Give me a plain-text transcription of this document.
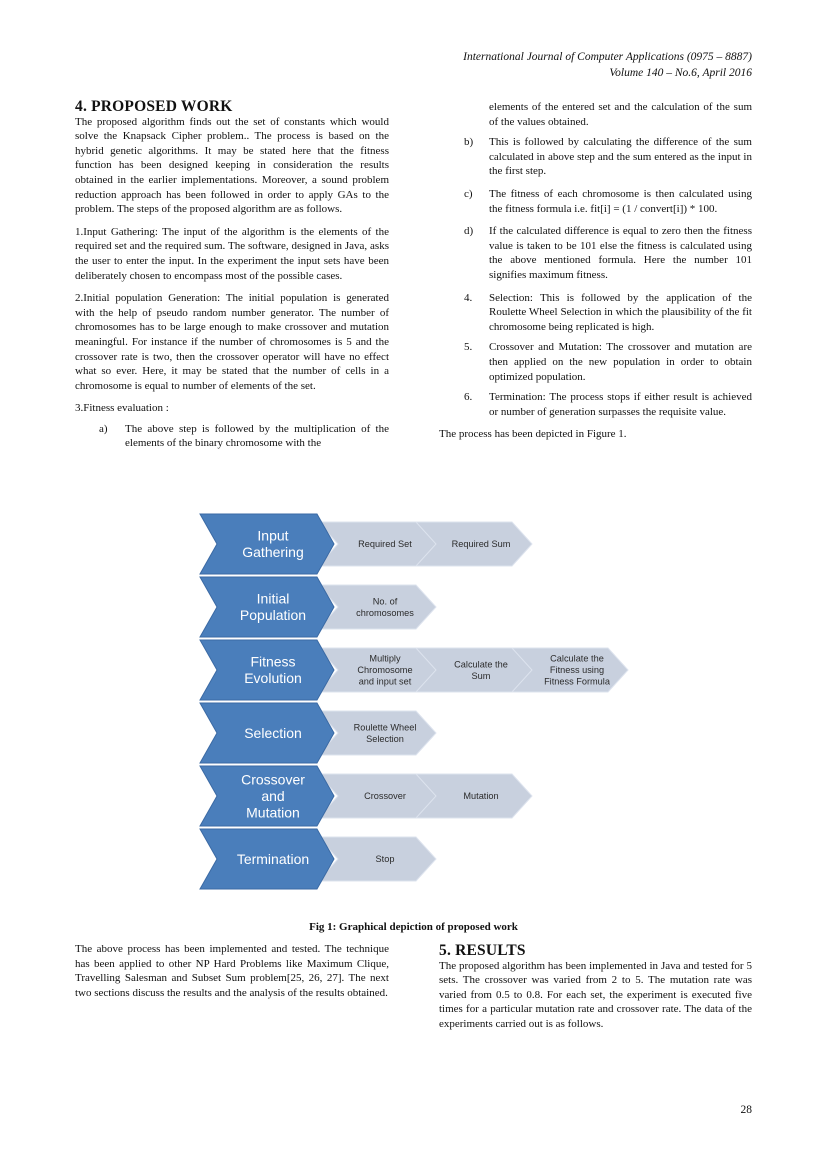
International Journal of Computer Applications (0975 – 8887)
Volume 140 – No.6, April 2016
4. PROPOSED WORK

The proposed algorithm finds out the set of constants which would solve the Knapsack Cipher problem.. The process is based on the hybrid genetic algorithms. It may be stated here that the fitness function has been designed keeping in consideration the results obtained in the earlier implementations. Moreover, a sound problem reduction approach has been followed in order to apply GAs to the problem. The steps of the proposed algorithm are as follows.

1.Input Gathering: The input of the algorithm is the elements of the required set and the required sum. The software, designed in Java, asks the user to enter the input. In the experiment the input sets have been deliberately chosen to encompass most of the possible cases.

2.Initial population Generation: The initial population is generated with the help of pseudo random number generator. The number of chromosomes has to be large enough to make crossover and mutation meaningful. For instance if the number of chromosomes is 5 and the crossover rate is two, then the crossover operator will have no effect what so ever. Here, it may be stated that the number of cells in a chromosome is equal to number of elements of the set.

3.Fitness evaluation :

a)	The above step is followed by the multiplication of the elements of the binary chromosome with the
elements of the entered set and the calculation of the sum of the values obtained.
b)	This is followed by calculating the difference of the sum calculated in above step and the sum entered as the input in the first step.
c)	The fitness of each chromosome is then calculated using the fitness formula i.e. fit[i] = (1 / convert[i]) * 100.
d)	If the calculated difference is equal to zero then the fitness value is taken to be 101 else the fitness is calculated using the above mentioned formula. Here the number 101 signifies maximum fitness.
4.	Selection: This is followed by the application of the Roulette Wheel Selection in which the plausibility of the fit chromosome being replicated is high.
5.	Crossover and Mutation: The crossover and mutation are then applied on the new population in order to obtain optimized population.
6.	Termination: The process stops if either result is achieved or number of generation surpasses the requisite value.

The process has been depicted in Figure 1.

Input Gathering	Required Sum
Required Set
Initial Population
No. of chromosomes
Fitness Evolution
Calculate the Fitness using Fitness Formula
Calculate the Sum
Multiply Chromosome and input set
Selection	Roulette Wheel Selection
Crossover and Mutation
Mutation
Crossover
Termination	Stop
Fig 1: Graphical depiction of proposed work

The above process has been implemented and tested. The technique has been applied to other NP Hard Problems like Maximum Clique, Travelling Salesman and Subset Sum problem[25, 26, 27]. The next two sections discuss the results and the analysis of the results obtained.

5. RESULTS

The proposed algorithm has been implemented in Java and tested for 5 sets. The crossover was varied from 2 to 5. The mutation rate was varied from 0.5 to 0.8. For each set, the experiment is executed five times for a particular mutation rate and crossover rate. The data of the experiments carried out is as follows.

28
